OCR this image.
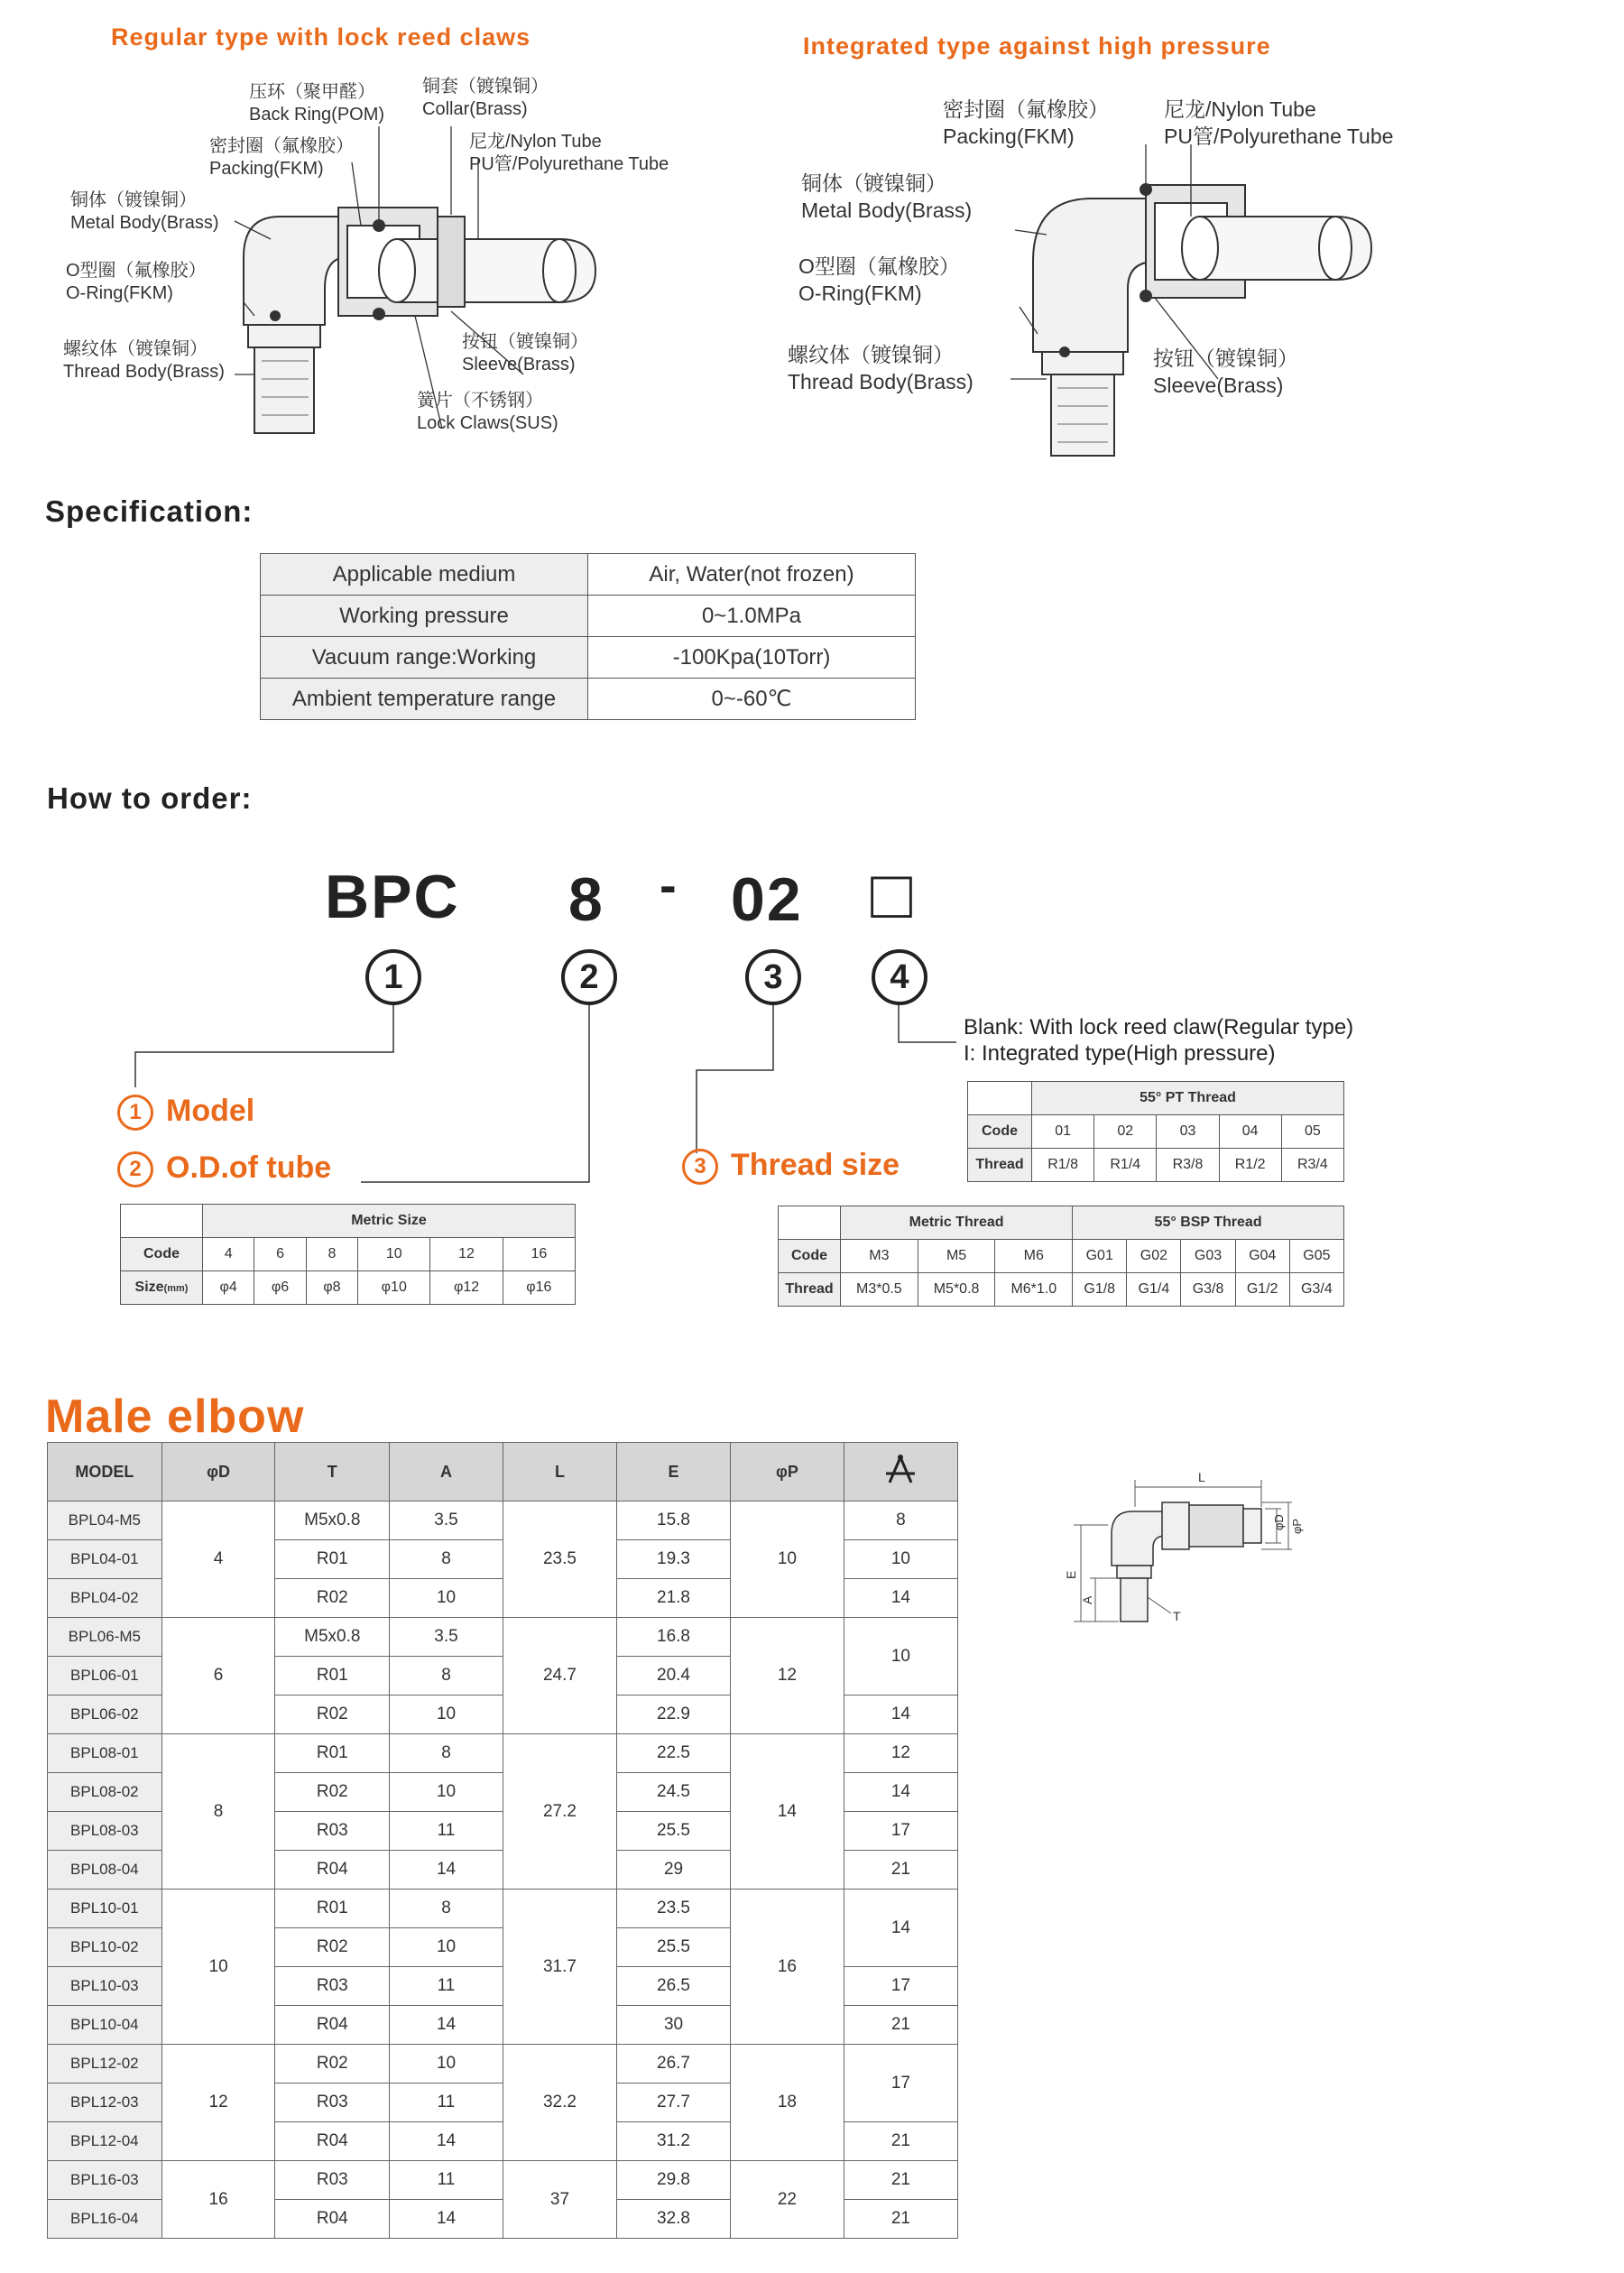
Regular type with lock reed claws	Integrated type against high pressure
压环（聚甲醛）
Back Ring(POM)
铜套（镀镍铜）
Collar(Brass)
密封圈（氟橡胶）
Packing(FKM)
尼龙/Nylon Tube
PU管/Polyurethane Tube
铜体（镀镍铜）
Metal Body(Brass)
O型圈（氟橡胶）
O-Ring(FKM)
螺纹体（镀镍铜）
Thread Body(Brass)
按钮（镀镍铜）
Sleeve(Brass)
簧片（不锈钢）
Lock Claws(SUS)
密封圈（氟橡胶）
Packing(FKM)
尼龙/Nylon Tube
PU管/Polyurethane Tube
铜体（镀镍铜）
Metal Body(Brass)
O型圈（氟橡胶）
O-Ring(FKM)
螺纹体（镀镍铜）
Thread Body(Brass)
按钮（镀镍铜）
Sleeve(Brass)
Specification:
Applicable medium	Air, Water(not frozen)
Working pressure	0~1.0MPa
Vacuum range:Working	-100Kpa(10Torr)
Ambient temperature range	0~-60℃
How to order:
BPC 8 - 02 □
1	2	3	4
Blank: With lock reed claw(Regular type)
I: Integrated type(High pressure)
1 Model
2 O.D.of tube	3 Thread size
	55° PT Thread				
Code	01	02	03	04	05
Thread	R1/8	R1/4	R3/8	R1/2	R3/4
	Metric Size					
Code	4	6	8	10	12	16
Size(mm)	φ4	φ6	φ8	φ10	φ12	φ16
	Metric Thread			55° BSP Thread				
Code	M3	M5	M6	G01	G02	G03	G04	G05
Thread	M3*0.5	M5*0.8	M6*1.0	G1/8	G1/4	G3/8	G1/2	G3/4
Male elbow
MODEL	φD	T	A	L	E	φP	
BPL04-M5	4	M5x0.8	3.5	23.5	15.8	10	8
BPL04-01		R01	8		19.3		10
BPL04-02		R02	10		21.8		14
BPL06-M5	6	M5x0.8	3.5	24.7	16.8	12	10
BPL06-01		R01	8		20.4		
BPL06-02		R02	10		22.9		14
BPL08-01	8	R01	8	27.2	22.5	14	12
BPL08-02		R02	10		24.5		14
BPL08-03		R03	11		25.5		17
BPL08-04		R04	14		29		21
BPL10-01	10	R01	8	31.7	23.5	16	14
BPL10-02		R02	10		25.5		
BPL10-03		R03	11		26.5		17
BPL10-04		R04	14		30		21
BPL12-02	12	R02	10	32.2	26.7	18	17
BPL12-03		R03	11		27.7		
BPL12-04		R04	14		31.2		21
BPL16-03	16	R03	11	37	29.8	22	21
BPL16-04		R04	14		32.8		21
L
φD φP
E
A
T
